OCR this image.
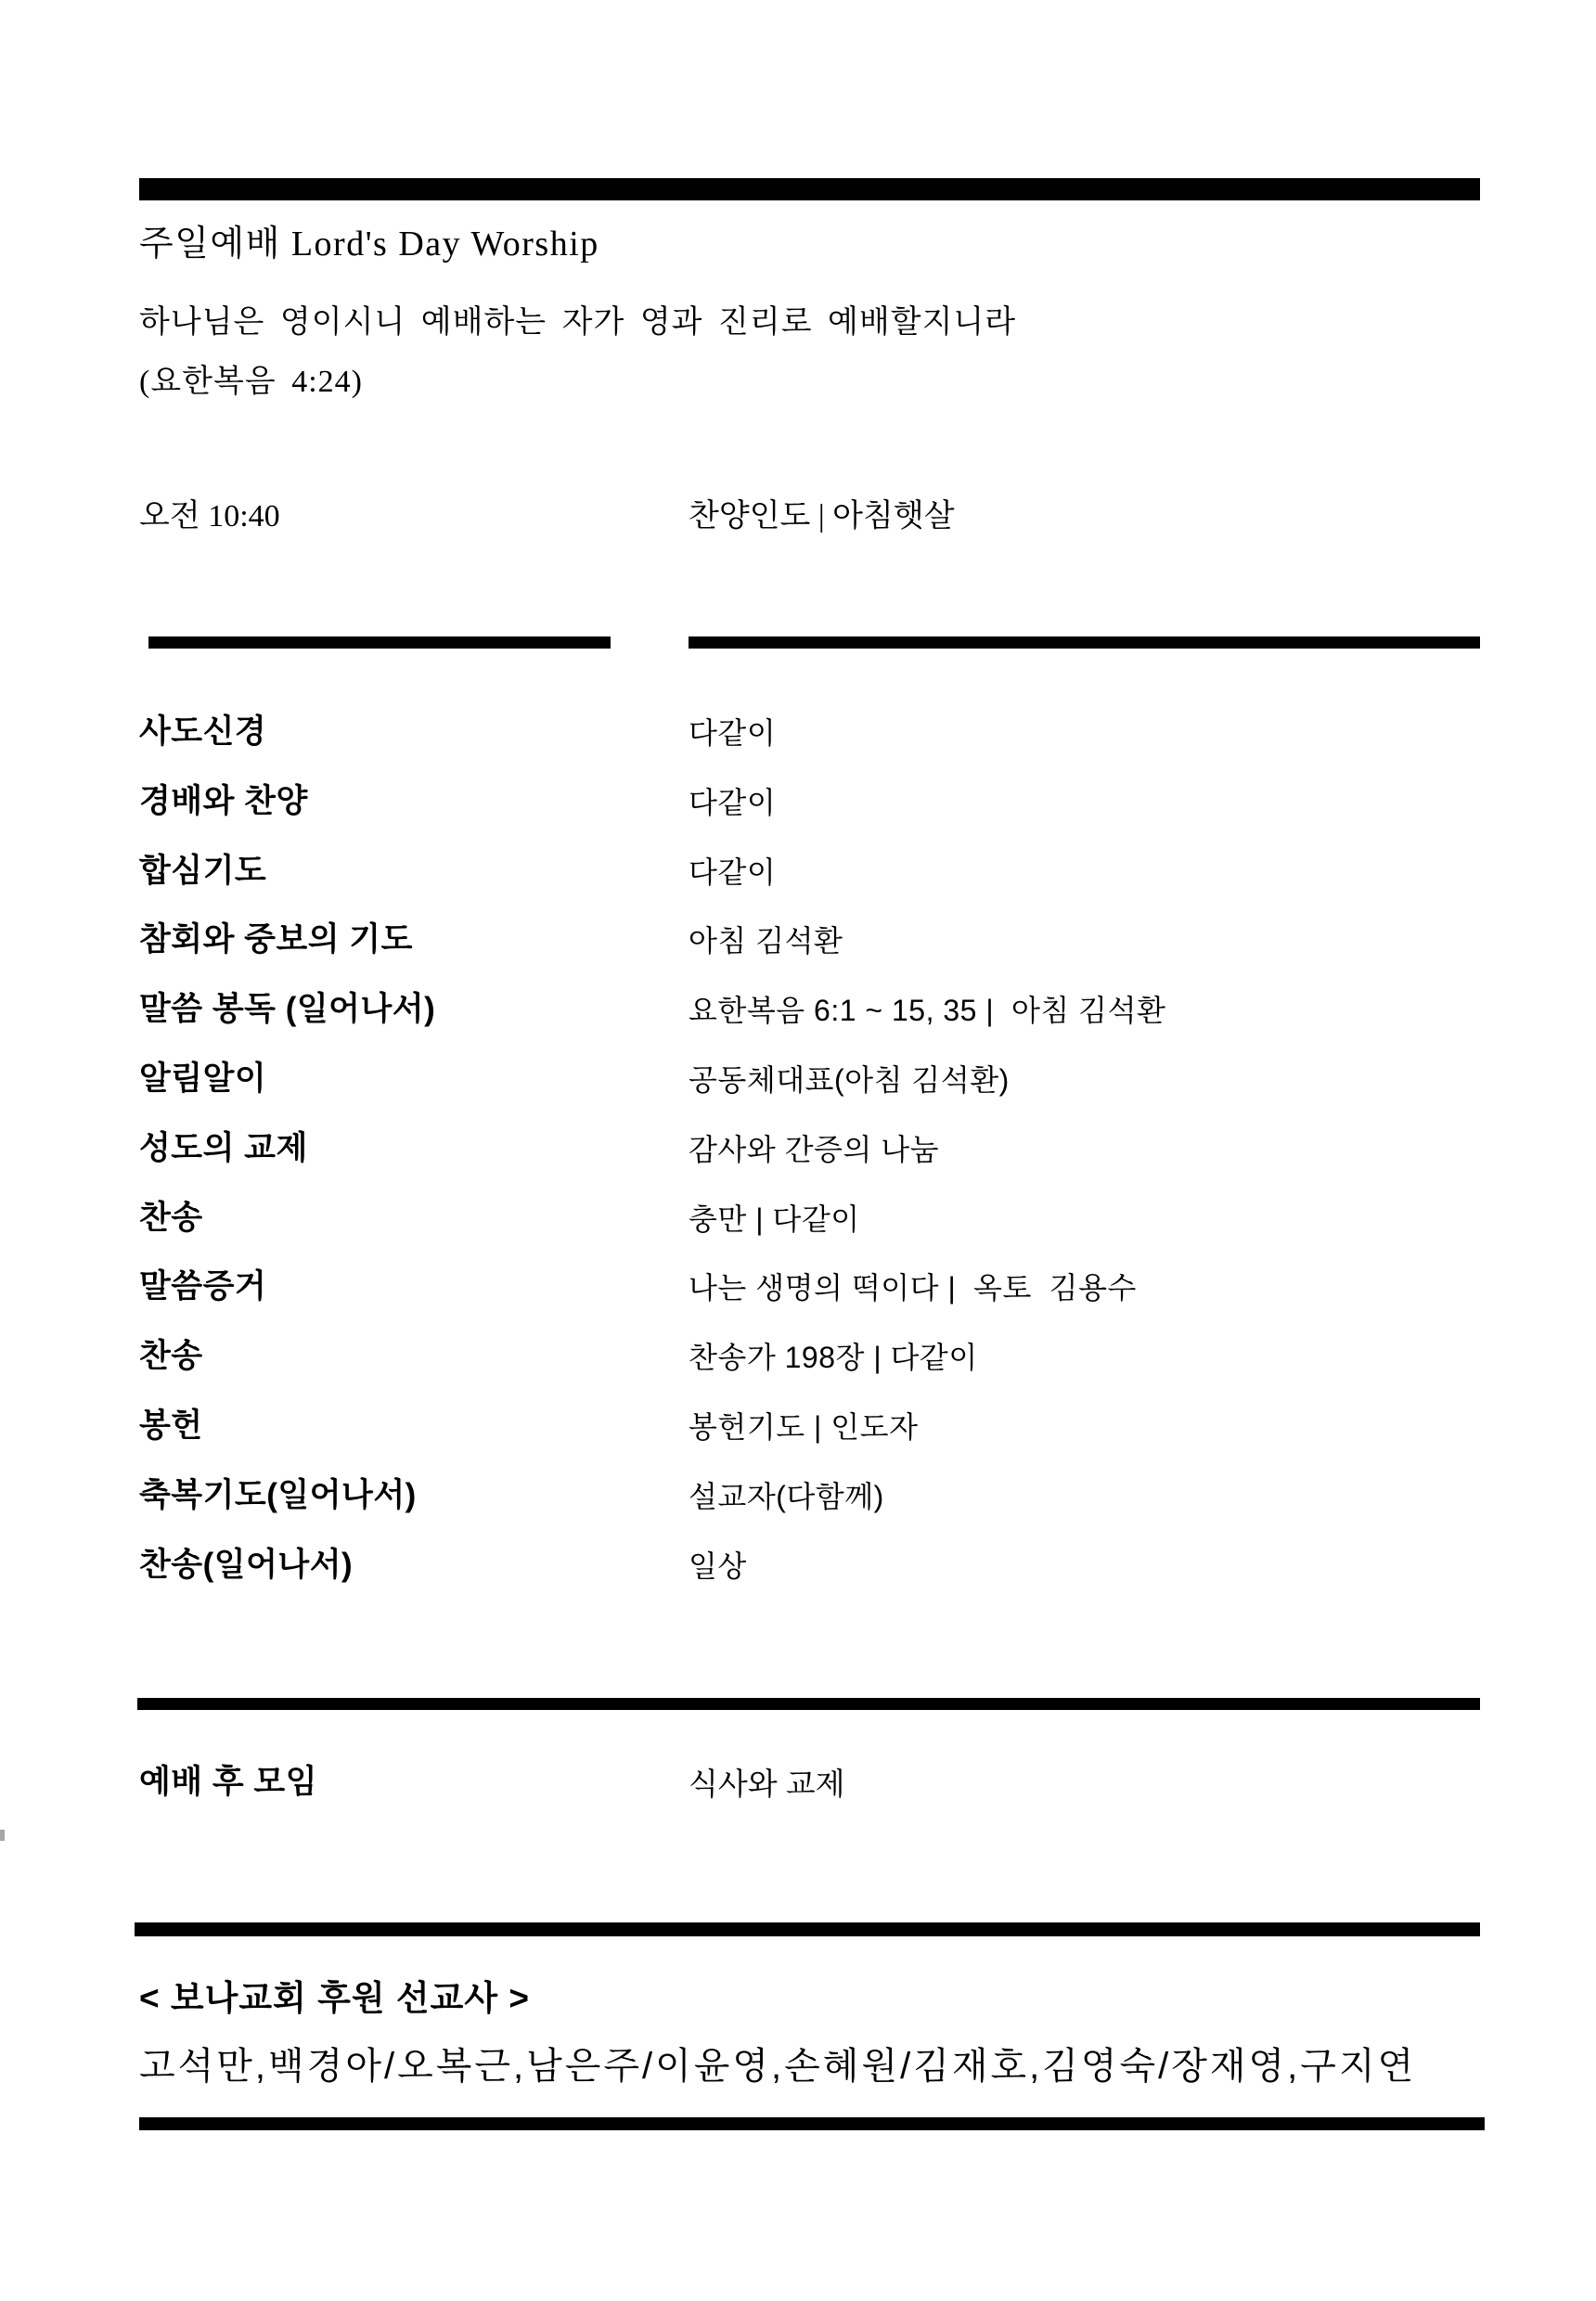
주일예배 Lord's Day Worship
하나님은 영이시니 예배하는 자가 영과 진리로 예배할지니라
(요한복음 4:24)
오전 10:40	찬양인도 | 아침햇살
사도신경	다같이
경배와 찬양	다같이
합심기도	다같이
참회와 중보의 기도	아침 김석환
말씀 봉독 (일어나서)	요한복음 6:1 ~ 15, 35 |  아침 김석환
알림알이	공동체대표(아침 김석환)
성도의 교제	감사와 간증의 나눔
찬송	충만 | 다같이
말씀증거	나는 생명의 떡이다 |  옥토  김용수
찬송	찬송가 198장 | 다같이
봉헌	봉헌기도 | 인도자
축복기도(일어나서)	설교자(다함께)
찬송(일어나서)	일상
예배 후 모임	식사와 교제
< 보나교회 후원 선교사 >
고석만,백경아/오복근,남은주/이윤영,손혜원/김재호,김영숙/장재영,구지연
